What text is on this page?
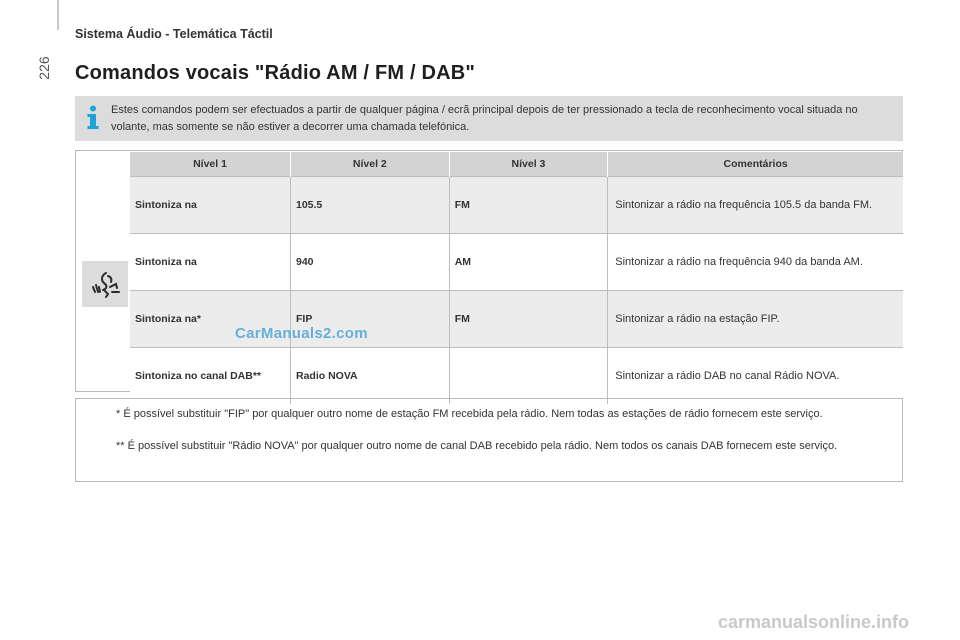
226
Sistema Áudio - Telemática Táctil
Comandos vocais "Rádio AM / FM / DAB"
Estes comandos podem ser efectuados a partir de qualquer página / ecrã principal depois de ter pressionado a tecla de reconhecimento vocal situada no volante, mas somente se não estiver a decorrer uma chamada telefónica.
Nível 1	Nível 2	Nível 3	Comentários
Sintoniza na	105.5	FM	Sintonizar a rádio na frequência 105.5 da banda FM.
Sintoniza na	940	AM	Sintonizar a rádio na frequência 940 da banda AM.
Sintoniza na*	FIP	FM	Sintonizar a rádio na estação FIP.
Sintoniza no canal DAB**	Radio NOVA		Sintonizar a rádio DAB no canal Rádio NOVA.
CarManuals2.com
* É possível substituir "FIP" por qualquer outro nome de estação FM recebida pela rádio. Nem todas as estações de rádio fornecem este serviço.
** É possível substituir "Rádio NOVA" por qualquer outro nome de canal DAB recebido pela rádio. Nem todos os canais DAB fornecem este serviço.
carmanualsonline.info
